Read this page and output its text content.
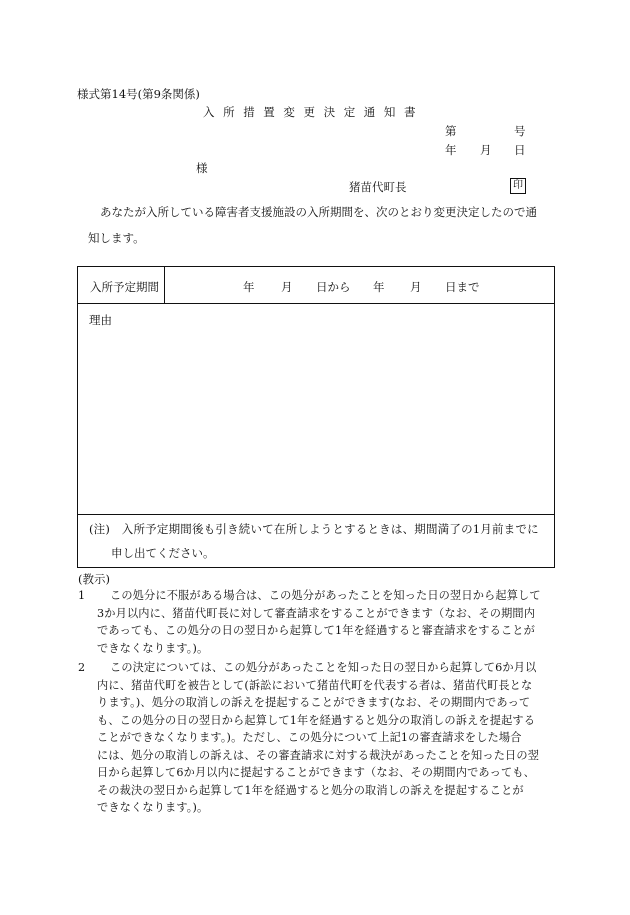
様式第14号(第9条関係)
入所措置変更決定通知書
第	号
年 月 日
様
猪苗代町長	印
あなたが入所している障害者支援施設の入所期間を、次のとおり変更決定したので通
知します。
入所予定期間	年 月 日から 年 月 日まで
理由
(注)　入所予定期間後も引き続いて在所しようとするときは、期間満了の1月前までに
申し出てください。
(教示)
1	この処分に不服がある場合は、この処分があったことを知った日の翌日から起算して
3か月以内に、猪苗代町長に対して審査請求をすることができます（なお、その期間内
であっても、この処分の日の翌日から起算して1年を経過すると審査請求をすることが
できなくなります。)。
2	この決定については、この処分があったことを知った日の翌日から起算して6か月以
内に、猪苗代町を被告として(訴訟において猪苗代町を代表する者は、猪苗代町長とな
ります。)、処分の取消しの訴えを提起することができます(なお、その期間内であって
も、この処分の日の翌日から起算して1年を経過すると処分の取消しの訴えを提起する
ことができなくなります。)。ただし、この処分について上記1の審査請求をした場合
には、処分の取消しの訴えは、その審査請求に対する裁決があったことを知った日の翌
日から起算して6か月以内に提起することができます（なお、その期間内であっても、
その裁決の翌日から起算して1年を経過すると処分の取消しの訴えを提起することが
できなくなります。)。
